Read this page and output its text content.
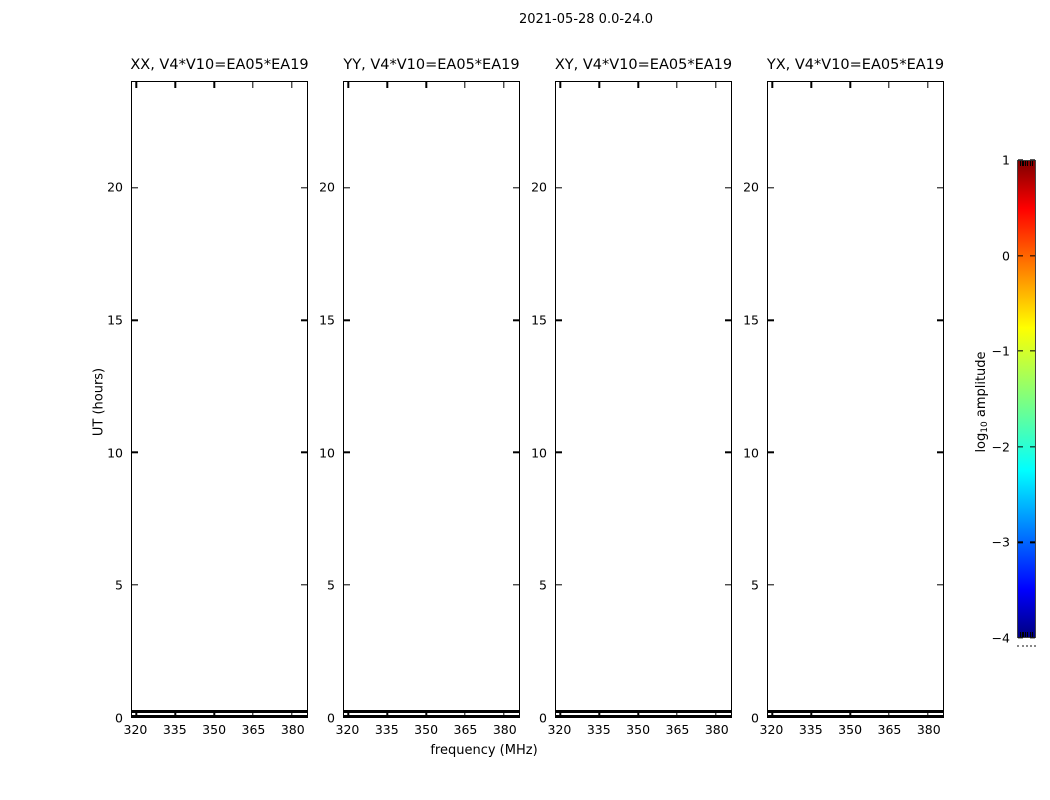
2021-05-28 0.0-24.0
UT (hours)
frequency (MHz)
XX, V4*V10=EA05*EA19
320 335 350 365 380
0
5
10
15
20
YY, V4*V10=EA05*EA19
320 335 350 365 380
0
5
10
15
20
XY, V4*V10=EA05*EA19
320 335 350 365 380
0
5
10
15
20
YX, V4*V10=EA05*EA19
320 335 350 365 380
0
5
10
15
20
1
0
−1
−2
−3
−4
$\log_{10}$ amplitude
